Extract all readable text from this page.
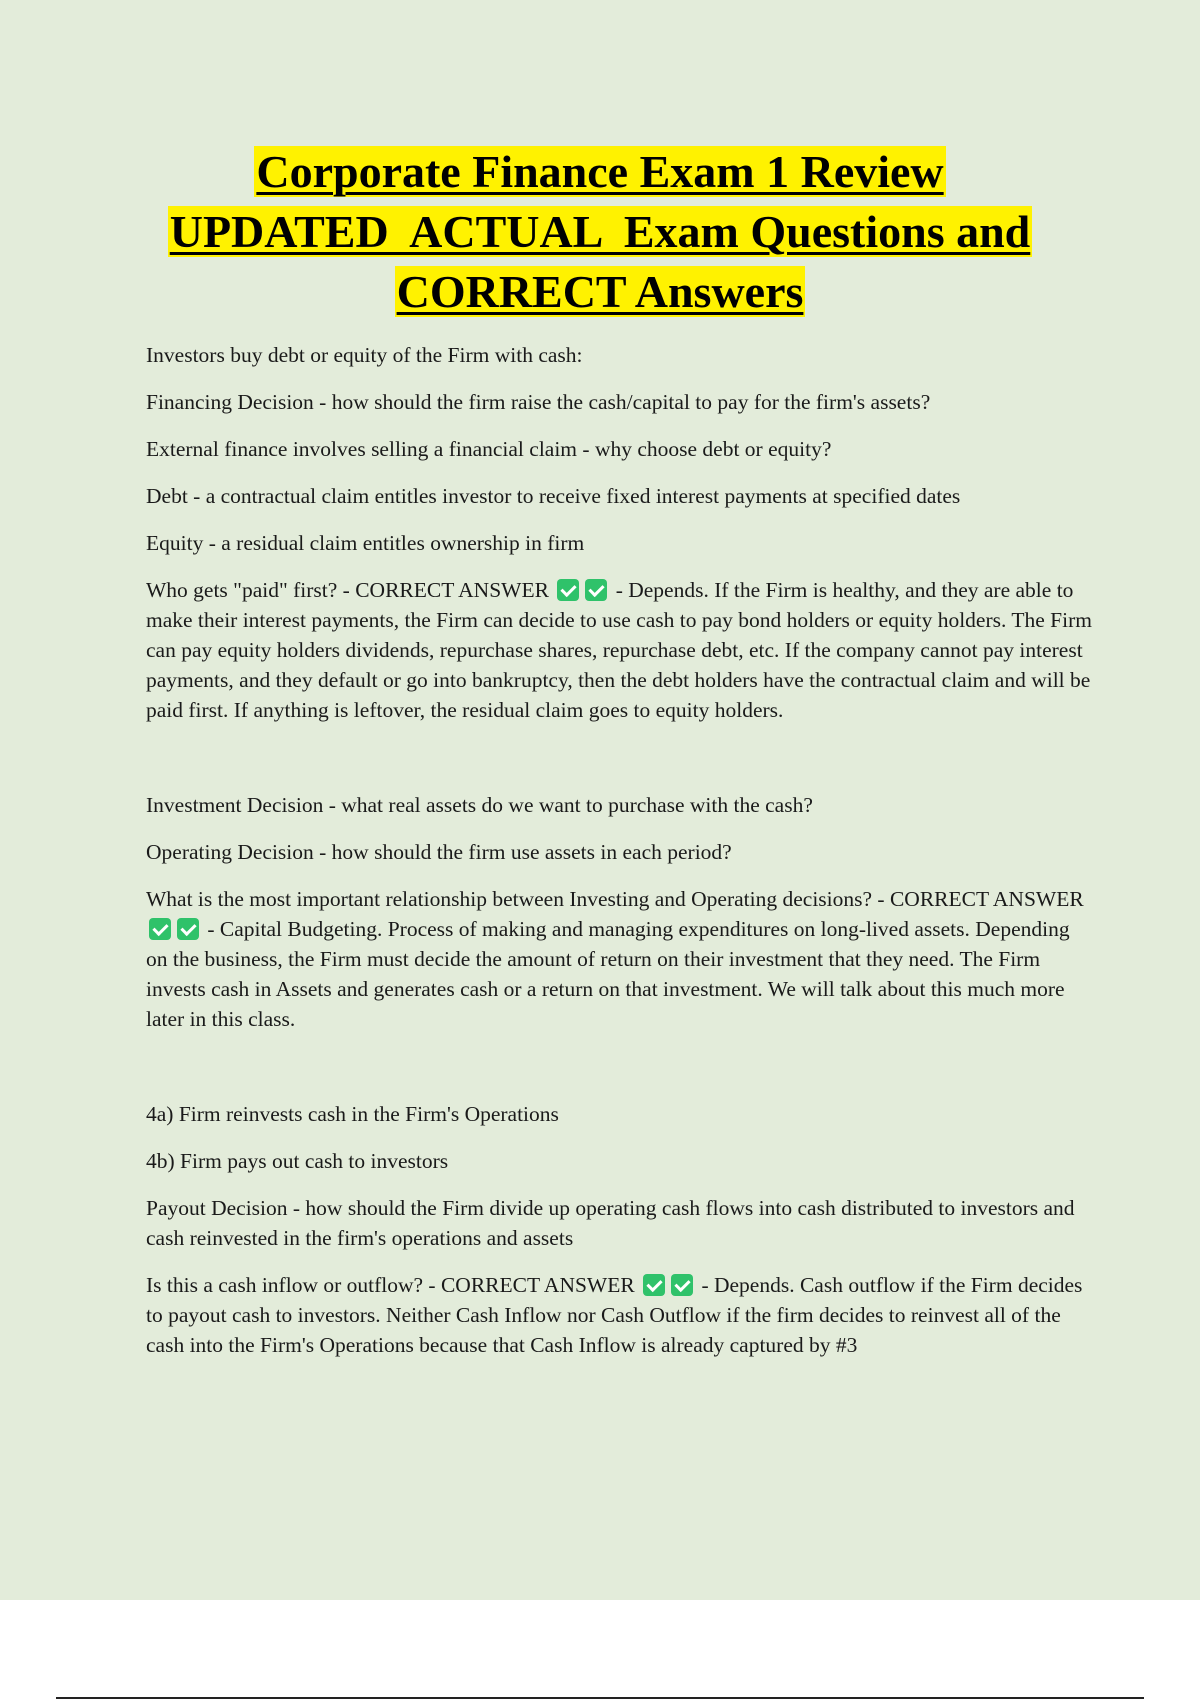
Corporate Finance Exam 1 Review
UPDATED  ACTUAL  Exam Questions and
CORRECT Answers

Investors buy debt or equity of the Firm with cash:

Financing Decision - how should the firm raise the cash/capital to pay for the firm's assets?

External finance involves selling a financial claim - why choose debt or equity?

Debt - a contractual claim entitles investor to receive fixed interest payments at specified dates

Equity - a residual claim entitles ownership in firm

Who gets "paid" first? - CORRECT ANSWER	- Depends. If the Firm is healthy, and they are able to make their interest payments, the Firm can decide to use cash to pay bond holders or equity holders. The Firm can pay equity holders dividends, repurchase shares, repurchase debt, etc. If the company cannot pay interest payments, and they default or go into bankruptcy, then the debt holders have the contractual claim and will be paid first. If anything is leftover, the residual claim goes to equity holders.

Investment Decision - what real assets do we want to purchase with the cash?

Operating Decision - how should the firm use assets in each period?

What is the most important relationship between Investing and Operating decisions? - CORRECT ANSWER  - Capital Budgeting. Process of making and managing expenditures on long-lived assets. Depending on the business, the Firm must decide the amount of return on their investment that they need. The Firm invests cash in Assets and generates cash or a return on that investment. We will talk about this much more later in this class.

4a) Firm reinvests cash in the Firm's Operations

4b) Firm pays out cash to investors

Payout Decision - how should the Firm divide up operating cash flows into cash distributed to investors and cash reinvested in the firm's operations and assets

Is this a cash inflow or outflow? - CORRECT ANSWER	- Depends. Cash outflow if the Firm decides to payout cash to investors. Neither Cash Inflow nor Cash Outflow if the firm decides to reinvest all of the cash into the Firm's Operations because that Cash Inflow is already captured by #3
